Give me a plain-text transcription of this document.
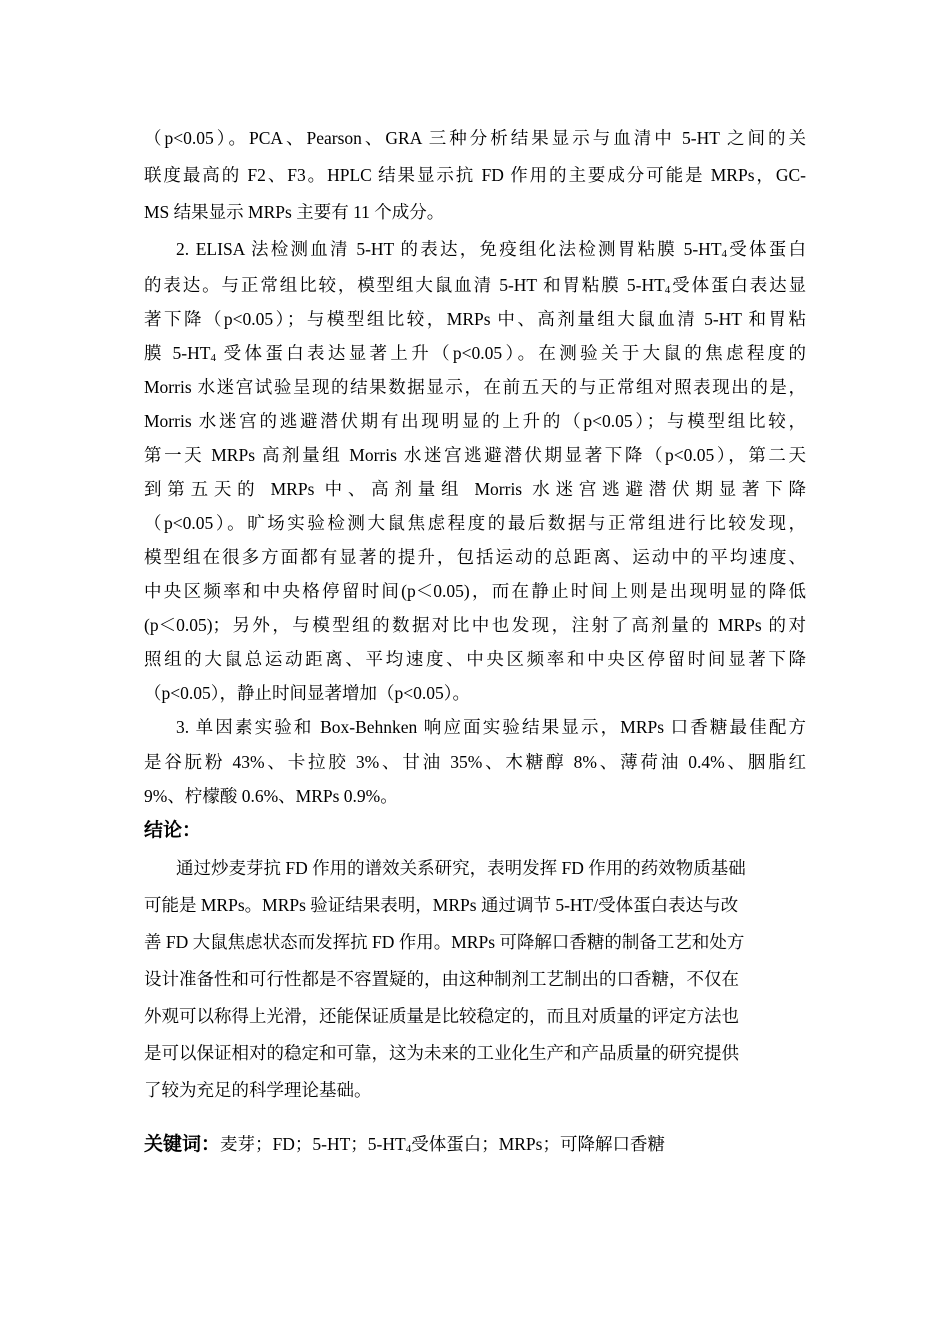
（p<0.05）。PCA、Pearson、GRA 三种分析结果显示与血清中 5-HT 之间的关

联度最高的 F2、F3。HPLC 结果显示抗 FD 作用的主要成分可能是 MRPs，GC-

MS 结果显示 MRPs 主要有 11 个成分。

2. ELISA 法检测血清 5-HT 的表达，免疫组化法检测胃粘膜 $5-HT_4$受体蛋白

的表达。与正常组比较，模型组大鼠血清 5-HT 和胃粘膜 $5-HT_4$受体蛋白表达显

著下降（p<0.05）；与模型组比较，MRPs 中、高剂量组大鼠血清 5-HT 和胃粘

膜 $5-HT_4$ 受体蛋白表达显著上升（p<0.05）。在测验关于大鼠的焦虑程度的

Morris 水迷宫试验呈现的结果数据显示，在前五天的与正常组对照表现出的是，

Morris 水迷宫的逃避潜伏期有出现明显的上升的（p<0.05）；与模型组比较，

第一天 MRPs 高剂量组 Morris 水迷宫逃避潜伏期显著下降（p<0.05），第二天

到第五天的 MRPs 中、高剂量组 Morris 水迷宫逃避潜伏期显著下降

（p<0.05）。旷场实验检测大鼠焦虑程度的最后数据与正常组进行比较发现，

模型组在很多方面都有显著的提升，包括运动的总距离、运动中的平均速度、

中央区频率和中央格停留时间(p＜0.05)，而在静止时间上则是出现明显的降低

(p＜0.05)；另外，与模型组的数据对比中也发现，注射了高剂量的 MRPs 的对

照组的大鼠总运动距离、平均速度、中央区频率和中央区停留时间显著下降

（p<0.05），静止时间显著增加（p<0.05）。

3. 单因素实验和 Box-Behnken 响应面实验结果显示，MRPs 口香糖最佳配方

是谷朊粉 43%、卡拉胶 3%、甘油 35%、木糖醇 8%、薄荷油 0.4%、胭脂红

9%、柠檬酸 0.6%、MRPs 0.9%。

结论：

通过炒麦芽抗 FD 作用的谱效关系研究，表明发挥 FD 作用的药效物质基础

可能是 MRPs。MRPs 验证结果表明，MRPs 通过调节 5-HT/受体蛋白表达与改

善 FD 大鼠焦虑状态而发挥抗 FD 作用。MRPs 可降解口香糖的制备工艺和处方

设计准备性和可行性都是不容置疑的，由这种制剂工艺制出的口香糖，不仅在

外观可以称得上光滑，还能保证质量是比较稳定的，而且对质量的评定方法也

是可以保证相对的稳定和可靠，这为未来的工业化生产和产品质量的研究提供

了较为充足的科学理论基础。

关键词：麦芽；FD；5-HT；$5-HT_4$受体蛋白；MRPs；可降解口香糖
